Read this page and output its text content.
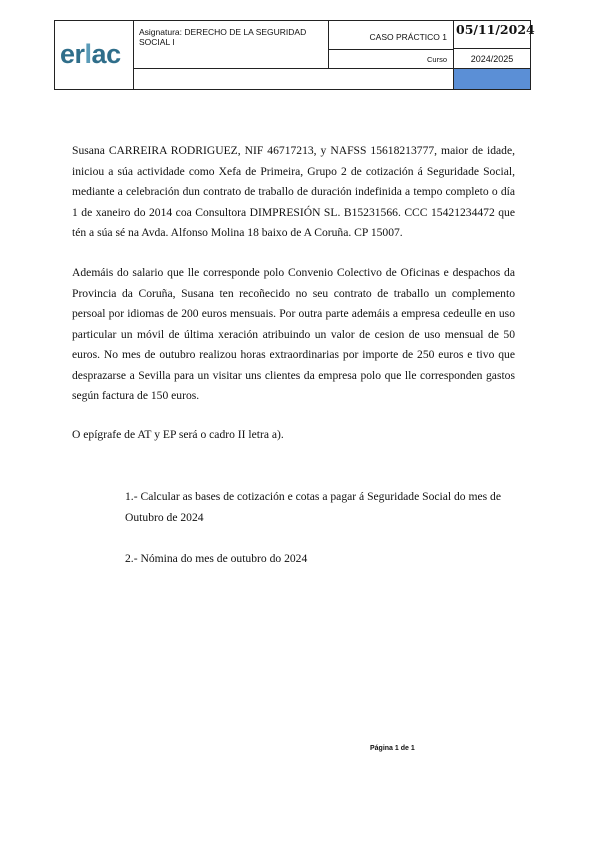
erlac
Asignatura: DERECHO DE LA SEGURIDAD SOCIAL I	CASO PRÁCTICO 1 05/11/2024
Curso	2024/2025
Susana CARREIRA RODRIGUEZ, NIF 46717213, y NAFSS 15618213777, maior de idade, iniciou a súa actividade como Xefa de Primeira, Grupo 2 de cotización á Seguridade Social, mediante a celebración dun contrato de traballo de duración indefinida a tempo completo o día 1 de xaneiro do 2014 coa Consultora DIMPRESIÓN SL. B15231566. CCC 15421234472 que tén a súa sé na Avda. Alfonso Molina 18 baixo de A Coruña. CP 15007.
Ademáis do salario que lle corresponde polo Convenio Colectivo de Oficinas e despachos da Provincia da Coruña, Susana ten recoñecido no seu contrato de traballo un complemento persoal por idiomas de 200 euros mensuais. Por outra parte ademáis a empresa cedeulle en uso particular un móvil de última xeración atribuindo un valor de cesion de uso mensual de 50 euros. No mes de outubro realizou horas extraordinarias por importe de 250 euros e tivo que desprazarse a Sevilla para un visitar uns clientes da empresa polo que lle corresponden gastos según factura de 150 euros.
O epígrafe de AT y EP será o cadro II letra a).
1.- Calcular as bases de cotización e cotas a pagar á Seguridade Social do mes de Outubro de 2024
2.- Nómina do mes de outubro do 2024
Página 1 de 1
